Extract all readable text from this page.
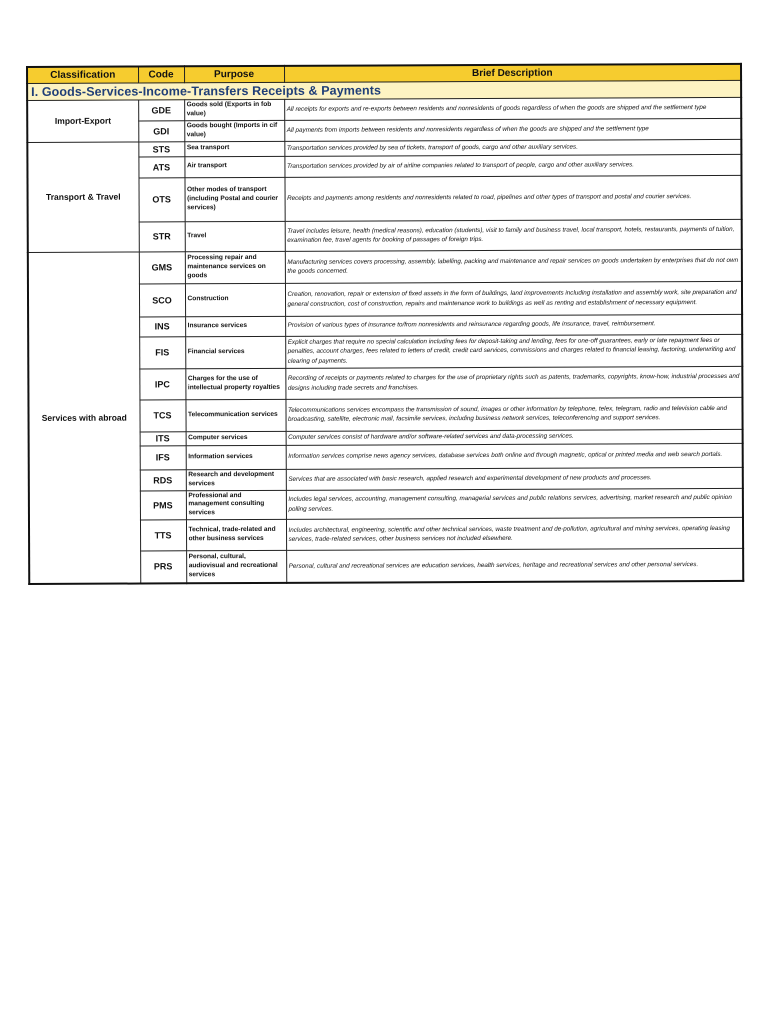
Classification	Code	Purpose	Brief Description
I. Goods-Services-Income-Transfers Receipts & Payments			
Import-Export	GDE	Goods sold (Exports in fob value)	All receipts for exports and re-exports between residents and nonresidents of goods regardless of when the goods are shipped and the settlement type
	GDI	Goods bought (Imports in cif value)	All payments from imports between residents and nonresidents regardless of when the goods are shipped and the settlement type
Transport & Travel	STS	Sea transport	Transportation services provided by sea of tickets, transport of goods, cargo and other auxiliary services.
	ATS	Air transport	Transportation services provided by air of airline companies related to transport of people, cargo and other auxiliary services.
	OTS	Other modes of transport (including Postal and courier services)	Receipts and payments among residents and nonresidents related to road, pipelines and other types of transport and postal and courier services.
	STR	Travel	Travel includes leisure, health (medical reasons), education (students), visit to family and business travel, local transport, hotels, restaurants, payments of tuition, examination fee, travel agents for booking of passages of foreign trips.
Services with abroad	GMS	Processing repair and maintenance services on goods	Manufacturing services covers processing, assembly, labelling, packing and maintenance and repair services on goods undertaken by enterprises that do not own the goods concerned.
	SCO	Construction	Creation, renovation, repair or extension of fixed assets in the form of buildings, land improvements including installation and assembly work, site preparation and general construction, cost of construction, repairs and maintenance work to buildings as well as renting and establishment of necessary equipment.
	INS	Insurance services	Provision of various types of insurance to/from nonresidents and reinsurance regarding goods, life insurance, travel, reimbursement.
	FIS	Financial services	Explicit charges that require no special calculation including fees for deposit-taking and lending, fees for one-off guarantees, early or late repayment fees or penalties, account charges, fees related to letters of credit, credit card services, commissions and charges related to financial leasing, factoring, underwriting and clearing of payments.
	IPC	Charges for the use of intellectual property royalties	Recording of receipts or payments related to charges for the use of proprietary rights such as patents, trademarks, copyrights, know-how, industrial processes and designs including trade secrets and franchises.
	TCS	Telecommunication services	Telecommunications services encompass the transmission of sound, images or other information by telephone, telex, telegram, radio and television cable and broadcasting, satellite, electronic mail, facsimile services, including business network services, teleconferencing and support services.
	ITS	Computer services	Computer services consist of hardware and/or software-related services and data-processing services.
	IFS	Information services	Information services comprise news agency services, database services both online and through magnetic, optical or printed media and web search portals.
	RDS	Research and development services	Services that are associated with basic research, applied research and experimental development of new products and processes.
	PMS	Professional and management consulting services	Includes legal services, accounting, management consulting, managerial services and public relations services, advertising, market research and public opinion polling services.
	TTS	Technical, trade-related and other business services	Includes architectural, engineering, scientific and other technical services, waste treatment and de-pollution, agricultural and mining services, operating leasing services, trade-related services, other business services not included elsewhere.
	PRS	Personal, cultural, audiovisual and recreational services	Personal, cultural and recreational services are education services, health services, heritage and recreational services and other personal services.
